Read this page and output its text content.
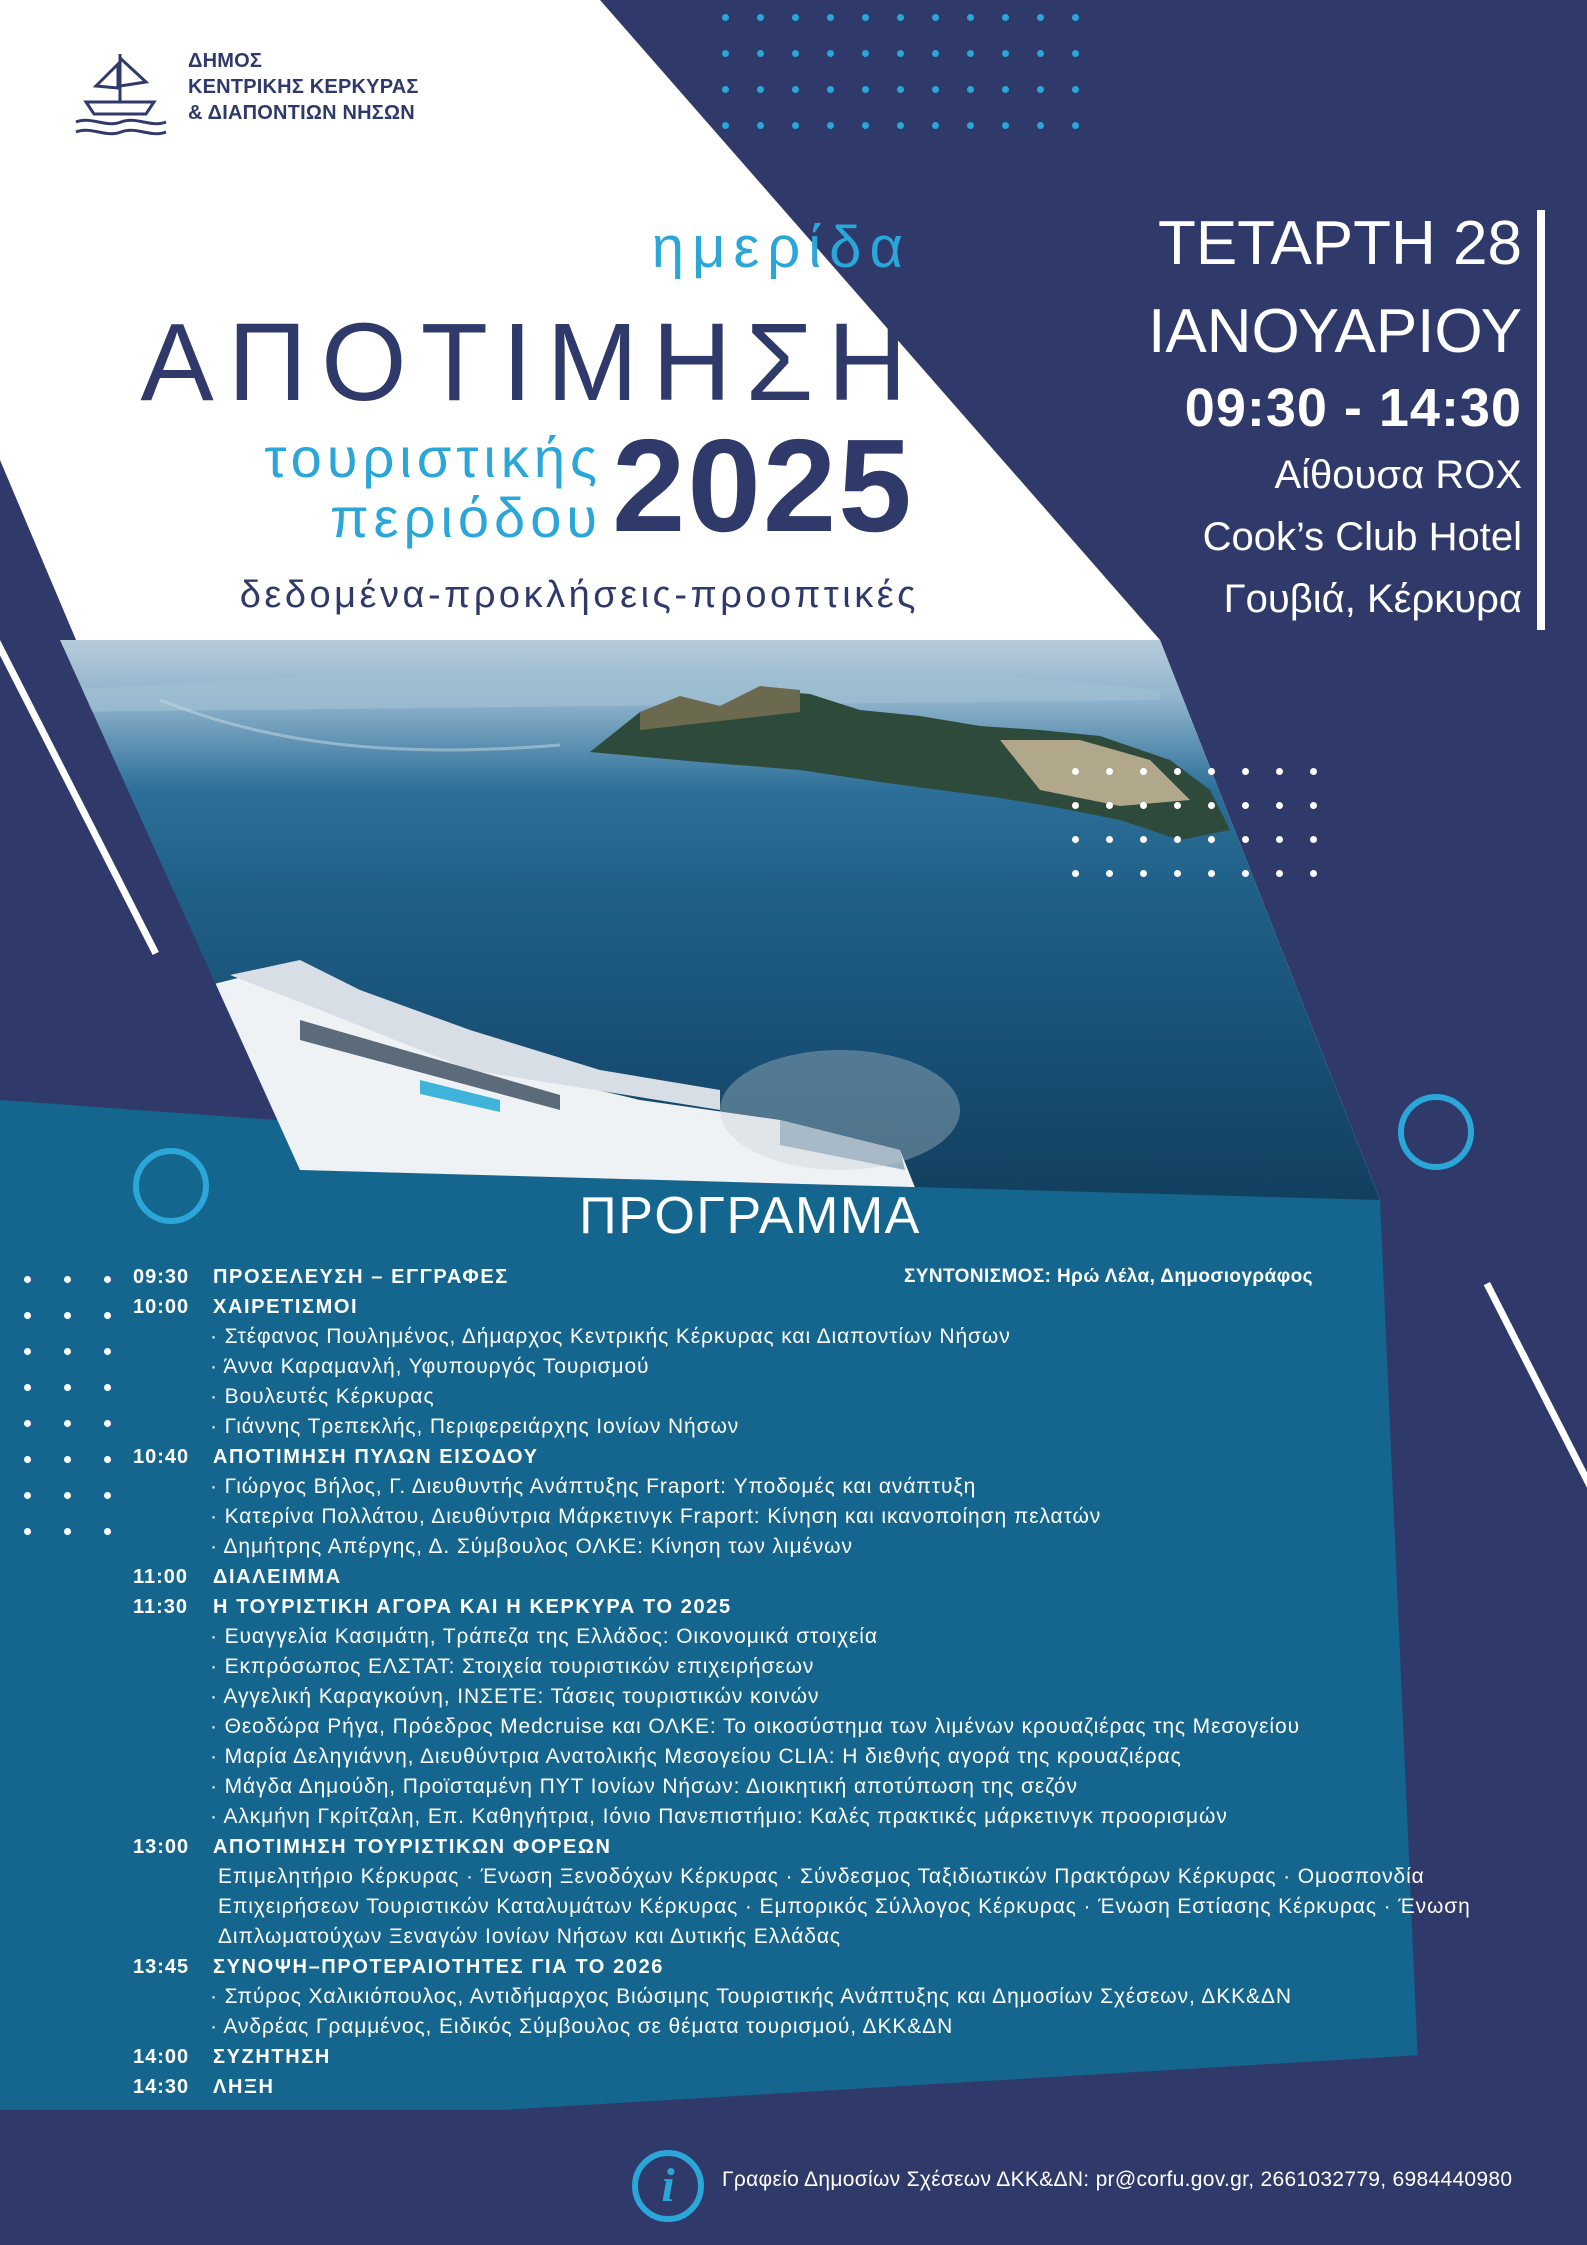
ΔΗΜΟΣ
ΚΕΝΤΡΙΚΗΣ ΚΕΡΚΥΡΑΣ
& ΔΙΑΠΟΝΤΙΩΝ ΝΗΣΩΝ
ημερίδα
ΑΠΟΤΙΜΗΣΗ
τουριστικής
περιόδου 2025
δεδομένα-προκλήσεις-προοπτικές
ΤΕΤΑΡΤΗ 28
ΙΑΝΟΥΑΡΙΟΥ
09:30 - 14:30
Αίθουσα ROX
Cook’s Club Hotel
Γουβιά, Κέρκυρα
ΠΡΟΓΡΑΜΜΑ
ΣΥΝΤΟΝΙΣΜΟΣ: Ηρώ Λέλα, Δημοσιογράφος
09:30	ΠΡΟΣΕΛΕΥΣΗ – ΕΓΓΡΑΦΕΣ
10:00	ΧΑΙΡΕΤΙΣΜΟΙ
· Στέφανος Πουλημένος, Δήμαρχος Κεντρικής Κέρκυρας και Διαποντίων Νήσων
· Άννα Καραμανλή, Υφυπουργός Τουρισμού
· Βουλευτές Κέρκυρας
· Γιάννης Τρεπεκλής, Περιφερειάρχης Ιονίων Νήσων
10:40	ΑΠΟΤΙΜΗΣΗ ΠΥΛΩΝ ΕΙΣΟΔΟΥ
· Γιώργος Βήλος, Γ. Διευθυντής Ανάπτυξης Fraport: Υποδομές και ανάπτυξη
· Κατερίνα Πολλάτου, Διευθύντρια Μάρκετινγκ Fraport: Κίνηση και ικανοποίηση πελατών
· Δημήτρης Απέργης, Δ. Σύμβουλος ΟΛΚΕ: Κίνηση των λιμένων
11:00	ΔΙΑΛΕΙΜΜΑ
11:30	Η ΤΟΥΡΙΣΤΙΚΗ ΑΓΟΡΑ ΚΑΙ Η ΚΕΡΚΥΡΑ ΤΟ 2025
· Ευαγγελία Κασιμάτη, Τράπεζα της Ελλάδος: Οικονομικά στοιχεία
· Εκπρόσωπος ΕΛΣΤΑΤ: Στοιχεία τουριστικών επιχειρήσεων
· Αγγελική Καραγκούνη, ΙΝΣΕΤΕ: Τάσεις τουριστικών κοινών
· Θεοδώρα Ρήγα, Πρόεδρος Medcruise και ΟΛΚΕ: Το οικοσύστημα των λιμένων κρουαζιέρας της Μεσογείου
· Μαρία Δεληγιάννη, Διευθύντρια Ανατολικής Μεσογείου CLIA: Η διεθνής αγορά της κρουαζιέρας
· Μάγδα Δημούδη, Προϊσταμένη ΠΥΤ Ιονίων Νήσων: Διοικητική αποτύπωση της σεζόν
· Αλκμήνη Γκρίτζαλη, Επ. Καθηγήτρια, Ιόνιο Πανεπιστήμιο: Καλές πρακτικές μάρκετινγκ προορισμών
13:00	ΑΠΟΤΙΜΗΣΗ ΤΟΥΡΙΣΤΙΚΩΝ ΦΟΡΕΩΝ
Επιμελητήριο Κέρκυρας · Ένωση Ξενοδόχων Κέρκυρας · Σύνδεσμος Ταξιδιωτικών Πρακτόρων Κέρκυρας · Ομοσπονδία Επιχειρήσεων Τουριστικών Καταλυμάτων Κέρκυρας · Εμπορικός Σύλλογος Κέρκυρας · Ένωση Εστίασης Κέρκυρας · Ένωση Διπλωματούχων Ξεναγών Ιονίων Νήσων και Δυτικής Ελλάδας
13:45	ΣΥΝΟΨΗ–ΠΡΟΤΕΡΑΙΟΤΗΤΕΣ ΓΙΑ ΤΟ 2026
· Σπύρος Χαλικιόπουλος, Αντιδήμαρχος Βιώσιμης Τουριστικής Ανάπτυξης και Δημοσίων Σχέσεων, ΔΚΚ&ΔΝ
· Ανδρέας Γραμμένος, Ειδικός Σύμβουλος σε θέματα τουρισμού, ΔΚΚ&ΔΝ
14:00	ΣΥΖΗΤΗΣΗ
14:30	ΛΗΞΗ
i	Γραφείο Δημοσίων Σχέσεων ΔΚΚ&ΔΝ: pr@corfu.gov.gr, 2661032779, 6984440980
